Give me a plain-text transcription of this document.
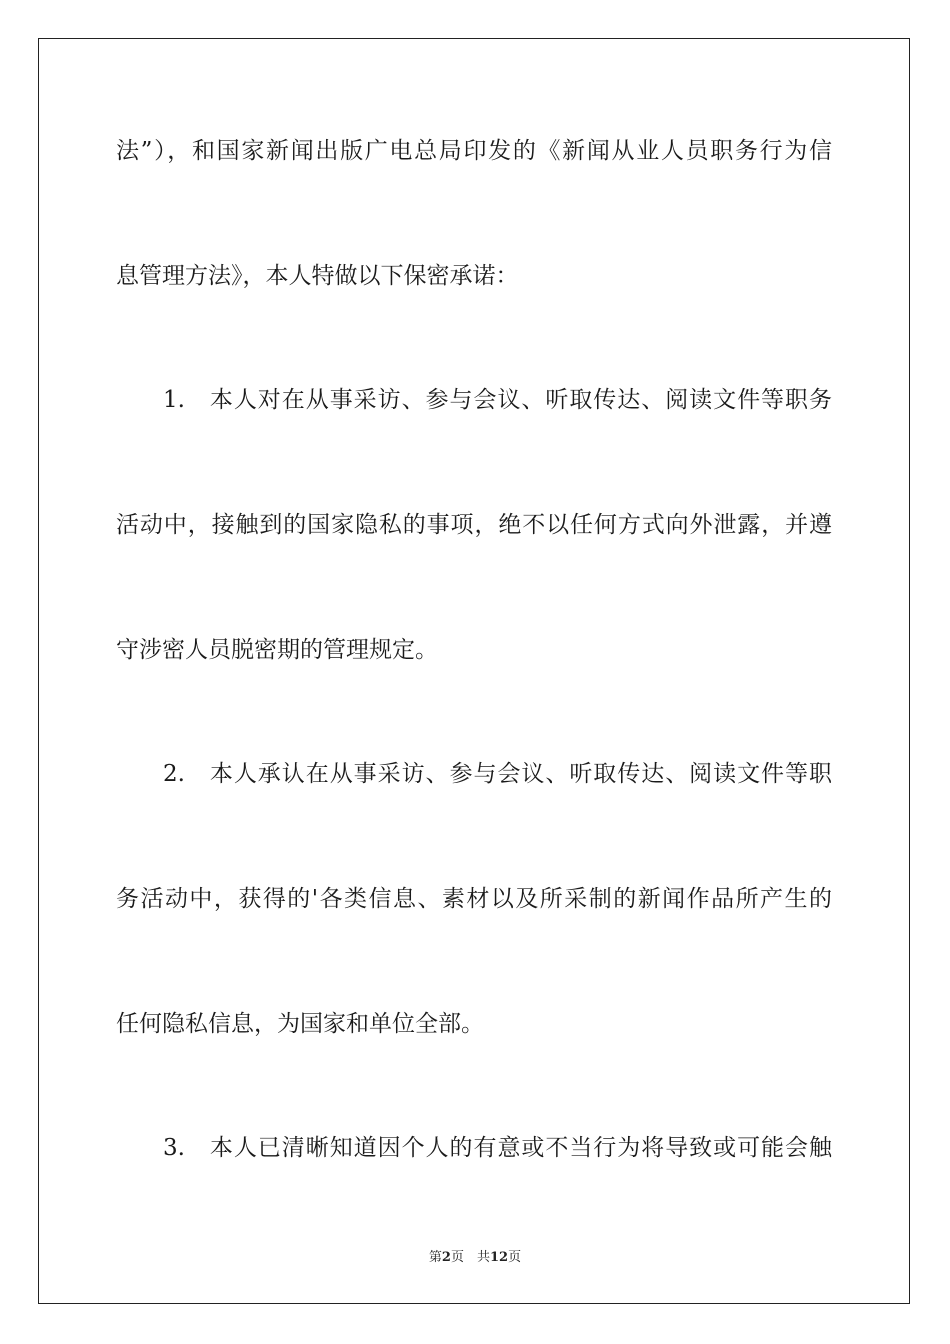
法”），和国家新闻出版广电总局印发的《新闻从业人员职务行为信
息管理方法》，本人特做以下保密承诺：
1.　本人对在从事采访、参与会议、听取传达、阅读文件等职务
活动中，接触到的国家隐私的事项，绝不以任何方式向外泄露，并遵
守涉密人员脱密期的管理规定。
2.　本人承认在从事采访、参与会议、听取传达、阅读文件等职
务活动中，获得的'各类信息、素材以及所采制的新闻作品所产生的
任何隐私信息，为国家和单位全部。
3.　本人已清晰知道因个人的有意或不当行为将导致或可能会触
第2页　共12页
